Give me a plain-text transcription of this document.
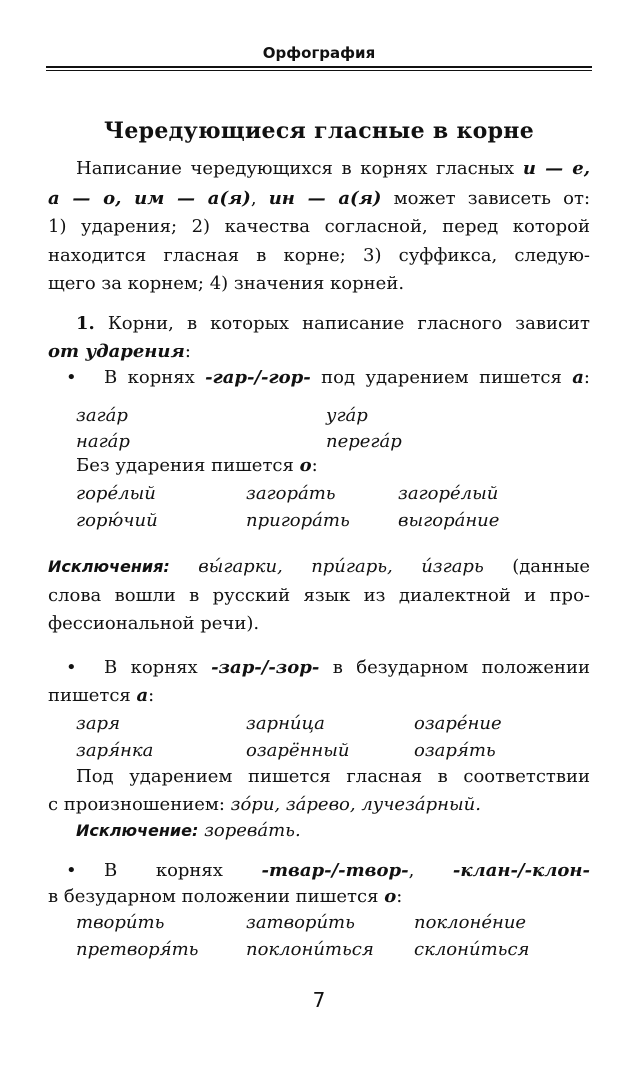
Орфография
Чередующиеся гласные в корне
Написание чередующихся в корнях гласных и — е,
а — о, им — а(я), ин — а(я) может зависеть от:
1) ударения; 2) качества согласной, перед которой
находится гласная в корне; 3) суффикса, следую-
щего за корнем; 4) значения корней.
1. Корни, в которых написание гласного зависит
от ударения:
• В корнях -гар-/-гор- под ударением пишется а:
загáр	угáр
нагáр	перегáр
Без ударения пишется о:
горéлый	загорáть	загорéлый
горю́чий	пригорáть	выгорáние
Исключения: вы́гарки, при́гарь, и́згарь (данные
слова вошли в русский язык из диалектной и про-
фессиональной речи).
• В корнях -зар-/-зор- в безударном положении
пишется а:
заря	зарни́ца	озарéние
заря́нка	озарённый	озаря́ть
Под ударением пишется гласная в соответствии
с произношением: зóри, зáрево, лучезáрный.
Исключение: зоревáть.
• В корнях -твар-/-твор-, -клан-/-клон-
в безударном положении пишется о:
твори́ть	затвори́ть	поклонéние
претворя́ть	поклони́ться склони́ться
7
